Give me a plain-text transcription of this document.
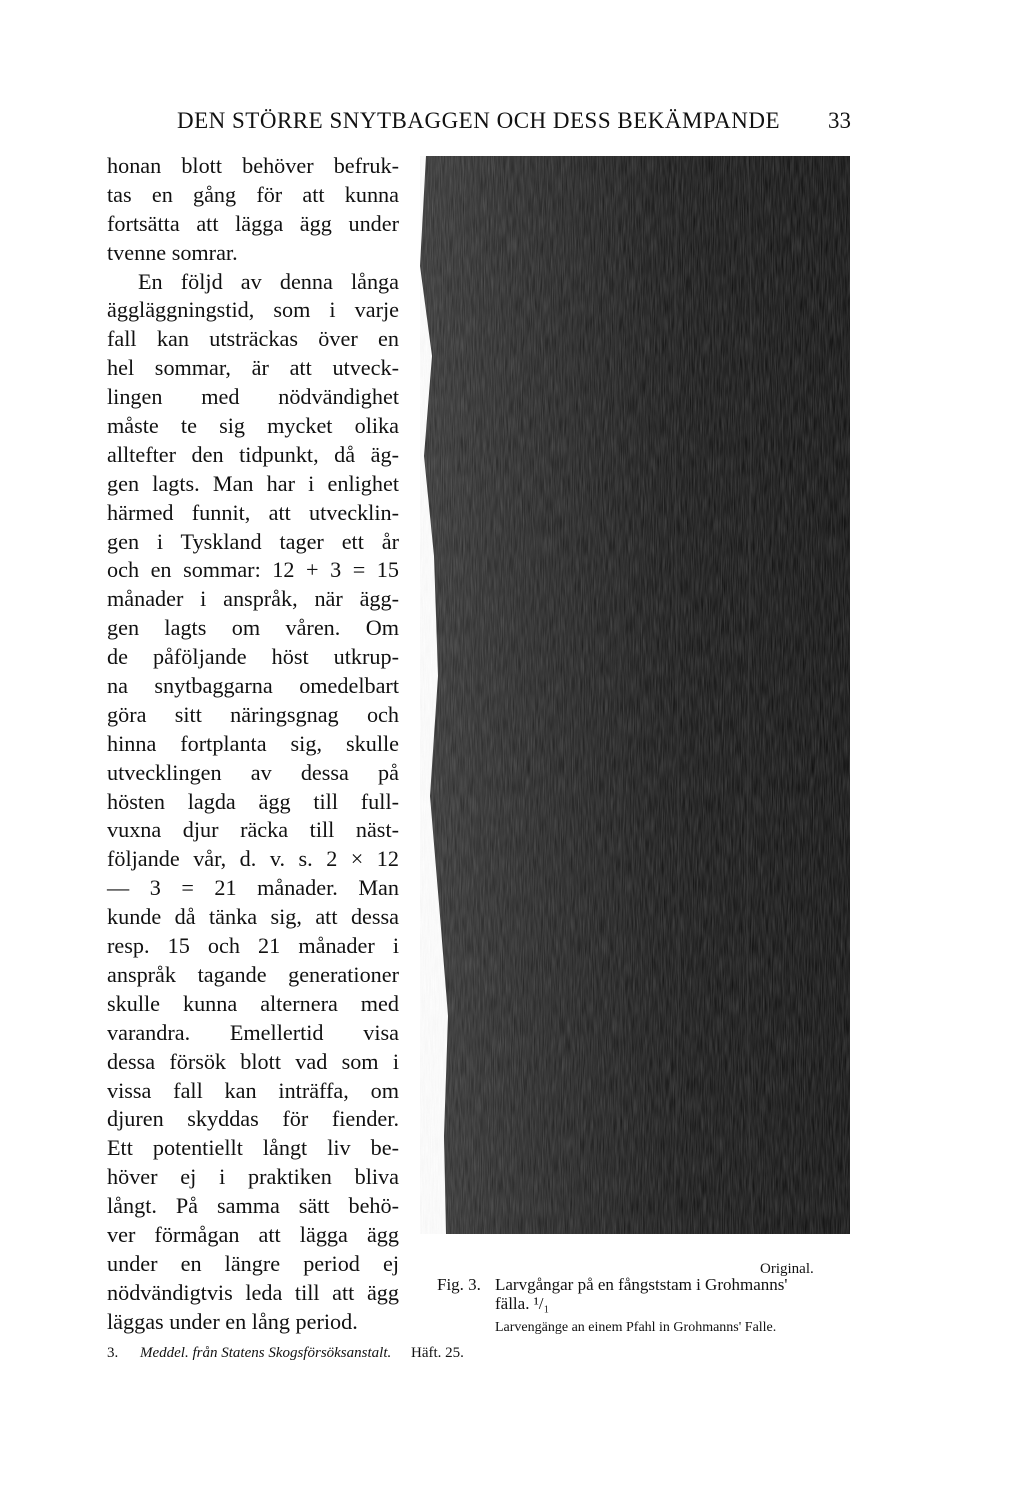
DEN STÖRRE SNYTBAGGEN OCH DESS BEKÄMPANDE 33
honan blott behöver befruk-
tas en gång för att kunna
fortsätta att lägga ägg under
tvenne somrar.
En följd av denna långa
äggläggningstid, som i varje
fall kan utsträckas över en
hel sommar, är att utveck-
lingen med nödvändighet
måste te sig mycket olika
alltefter den tidpunkt, då äg-
gen lagts. Man har i enlighet
härmed funnit, att utvecklin-
gen i Tyskland tager ett år
och en sommar: 12 + 3 = 15
månader i anspråk, när ägg-
gen lagts om våren. Om
de påföljande höst utkrup-
na snytbaggarna omedelbart
göra sitt näringsgnag och
hinna fortplanta sig, skulle
utvecklingen av dessa på
hösten lagda ägg till full-
vuxna djur räcka till näst-
följande vår, d. v. s. 2 × 12
— 3 = 21 månader. Man
kunde då tänka sig, att dessa
resp. 15 och 21 månader i
anspråk tagande generationer
skulle kunna alternera med
varandra. Emellertid visa
dessa försök blott vad som i
vissa fall kan inträffa, om
djuren skyddas för fiender.
Ett potentiellt långt liv be-
höver ej i praktiken bliva
långt. På samma sätt behö-
ver förmågan att lägga ägg
under en längre period ej
nödvändigtvis leda till att ägg
läggas under en lång period.
Original.
Fig. 3. Larvgångar på en fångststam i Grohmanns'
fälla. ¹/₁
Larvengänge an einem Pfahl in Grohmanns' Falle.
3. Meddel. från Statens Skogsförsöksanstalt. Häft. 25.
